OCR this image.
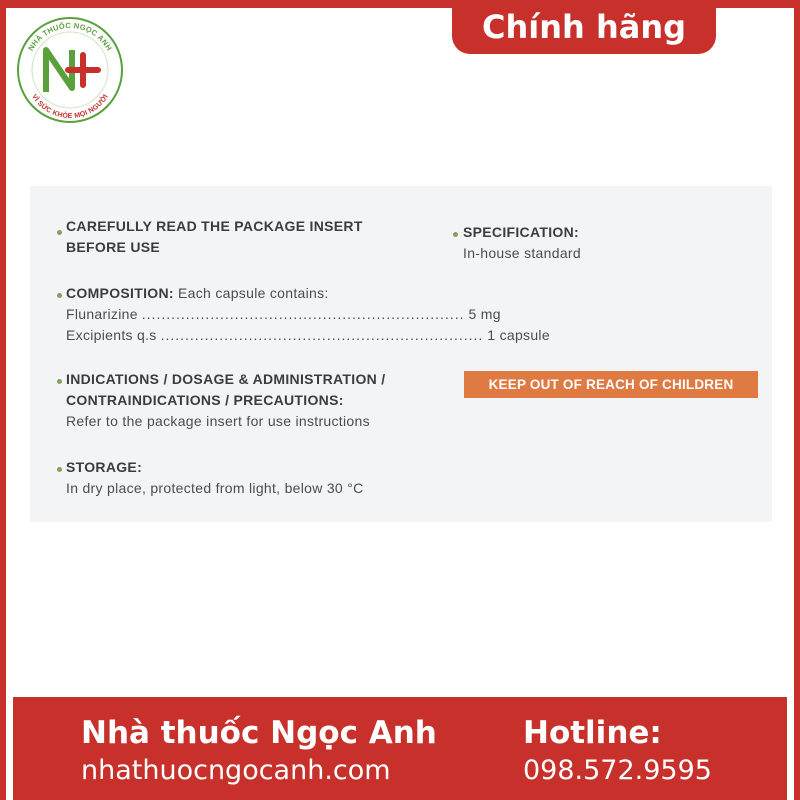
NHÀ THUỐC NGỌC ANH
VÌ SỨC KHỎE MỌI NGƯỜI
Chính hãng
CAREFULLY READ THE PACKAGE INSERT
BEFORE USE
COMPOSITION: Each capsule contains:
Flunarizine .................................................................. 5 mg
Excipients q.s .................................................................. 1 capsule
INDICATIONS / DOSAGE & ADMINISTRATION /
CONTRAINDICATIONS / PRECAUTIONS:
Refer to the package insert for use instructions
STORAGE:
In dry place, protected from light, below 30 °C
SPECIFICATION:
In-house standard
KEEP OUT OF REACH OF CHILDREN
Nhà thuốc Ngọc Anh
nhathuocngocanh.com
Hotline:
098.572.9595
